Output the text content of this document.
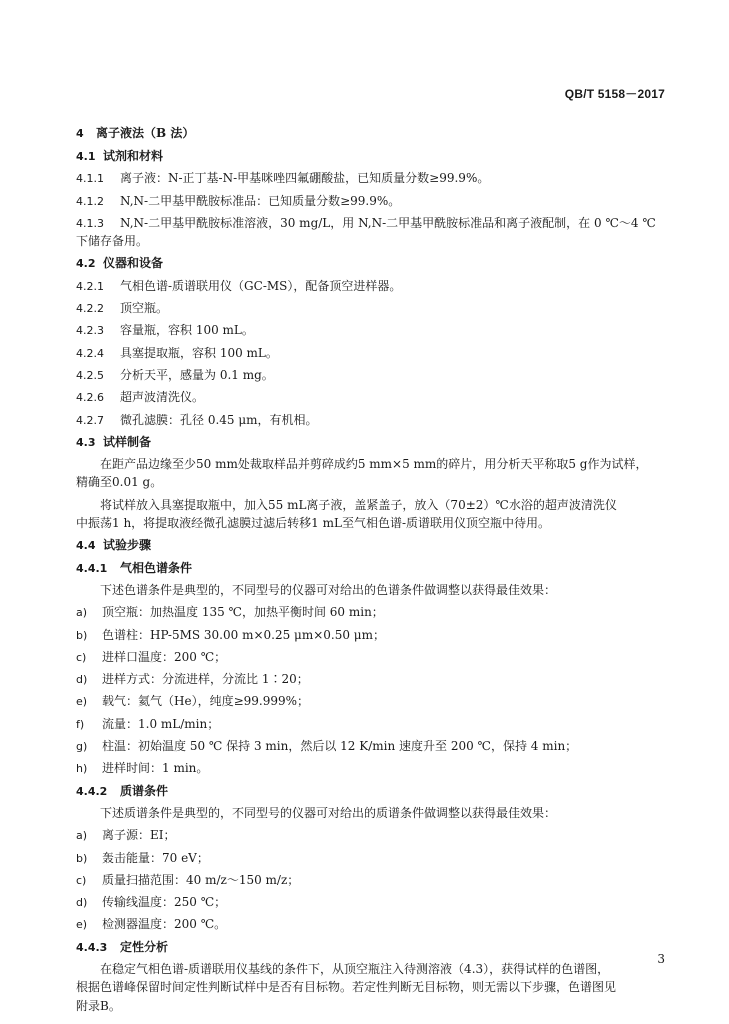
QB/T 5158－2017
4 离子液法（B 法）
4.1 试剂和材料
4.1.1 离子液：N-正丁基-N-甲基咪唑四氟硼酸盐，已知质量分数≥99.9%。
4.1.2 N,N-二甲基甲酰胺标准品：已知质量分数≥99.9%。
4.1.3 N,N-二甲基甲酰胺标准溶液，30 mg/L，用 N,N-二甲基甲酰胺标准品和离子液配制，在 0 ℃～4 ℃
下储存备用。
4.2 仪器和设备
4.2.1 气相色谱-质谱联用仪（GC-MS），配备顶空进样器。
4.2.2 顶空瓶。
4.2.3 容量瓶，容积 100 mL。
4.2.4 具塞提取瓶，容积 100 mL。
4.2.5 分析天平，感量为 0.1 mg。
4.2.6 超声波清洗仪。
4.2.7 微孔滤膜：孔径 0.45 μm，有机相。
4.3 试样制备
在距产品边缘至少50 mm处裁取样品并剪碎成约5 mm×5 mm的碎片，用分析天平称取5 g作为试样，
精确至0.01 g。
将试样放入具塞提取瓶中，加入55 mL离子液，盖紧盖子，放入（70±2）℃水浴的超声波清洗仪
中振荡1 h，将提取液经微孔滤膜过滤后转移1 mL至气相色谱-质谱联用仪顶空瓶中待用。
4.4 试验步骤
4.4.1 气相色谱条件
下述色谱条件是典型的，不同型号的仪器可对给出的色谱条件做调整以获得最佳效果：
a) 顶空瓶：加热温度 135 ℃，加热平衡时间 60 min；
b) 色谱柱：HP-5MS 30.00 m×0.25 μm×0.50 μm；
c) 进样口温度：200 ℃；
d) 进样方式：分流进样，分流比 1∶20；
e) 载气：氦气（He），纯度≥99.999%；
f) 流量：1.0 mL/min；
g) 柱温：初始温度 50 ℃ 保持 3 min，然后以 12 K/min 速度升至 200 ℃，保持 4 min；
h) 进样时间：1 min。
4.4.2 质谱条件
下述质谱条件是典型的，不同型号的仪器可对给出的质谱条件做调整以获得最佳效果：
a) 离子源：EI；
b) 轰击能量：70 eV；
c) 质量扫描范围：40 m/z～150 m/z；
d) 传输线温度：250 ℃；
e) 检测器温度：200 ℃。
4.4.3 定性分析
在稳定气相色谱-质谱联用仪基线的条件下，从顶空瓶注入待测溶液（4.3），获得试样的色谱图，
根据色谱峰保留时间定性判断试样中是否有目标物。若定性判断无目标物，则无需以下步骤，色谱图见
附录B。
3
